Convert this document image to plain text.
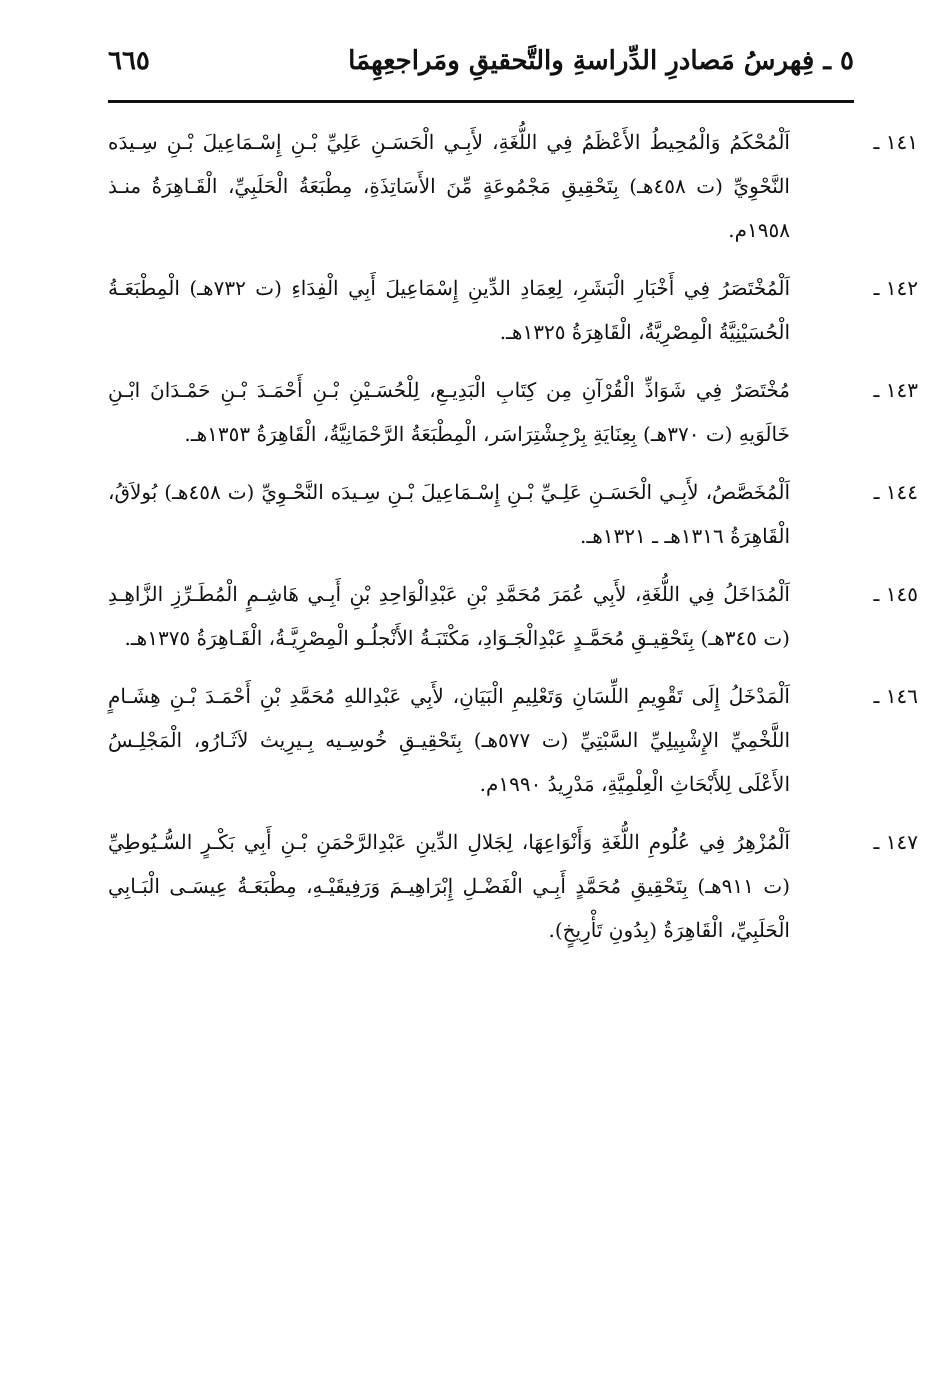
٥ ـ فِهرسُ مَصادرِ الدِّراسةِ والتَّحقيقِ ومَراجعِهِمَا
٦٦٥
١٤١ ـاَلْمُحْكَمُ وَالْمُحِيطُ الأَعْظَمُ فِي اللُّغَةِ، لأَبِـي الْحَسَـنِ عَلِيِّ بْـنِ إِسْـمَاعِيلَ بْـنِ سِـيدَه النَّحْوِيِّ (ت ٤٥٨هـ) بِتَحْقِيقِ مَجْمُوعَةٍ مِّنَ الأَسَاتِذَةِ، مِطْبَعَةُ الْحَلَبِيِّ، الْقَـاهِرَةُ منـذ ١٩٥٨م.
١٤٢ ـاَلْمُخْتَصَرُ فِي أَخْبَارِ الْبَشَرِ، لِعِمَادِ الدِّينِ إِسْمَاعِيلَ أَبِي الْفِدَاءِ (ت ٧٣٢هـ) الْمِطْبَعَـةُ الْحُسَيْنِيَّةُ الْمِصْرِيَّةُ، الْقَاهِرَةُ ١٣٢٥هـ.
١٤٣ ـمُخْتَصَرٌ فِي شَوَاذِّ الْقُرْآنِ مِن كِتَابِ الْبَدِيـعِ، لِلْحُسَـيْنِ بْـنِ أَحْمَـدَ بْـنِ حَمْـدَانَ ابْـنِ خَالَوَيهِ (ت ٣٧٠هـ) بِعِنَايَةِ بِرْجِشْتِرَاسَر، الْمِطْبَعَةُ الرَّحْمَانِيَّةُ، الْقَاهِرَةُ ١٣٥٣هـ.
١٤٤ ـاَلْمُخَصَّصُ، لأَبِـي الْحَسَـنِ عَلِـيِّ بْـنِ إِسْـمَاعِيلَ بْـنِ سِـيدَه النَّحْـوِيِّ (ت ٤٥٨هـ) بُولاَقُ، الْقَاهِرَةُ ١٣١٦هـ ـ ١٣٢١هـ.
١٤٥ ـاَلْمُدَاخَلُ فِي اللُّغَةِ، لأَبِي عُمَرَ مُحَمَّدِ بْنِ عَبْدِالْوَاحِدِ بْنِ أَبِـي هَاشِـمٍ الْمُطَـرِّزِ الزَّاهِـدِ (ت ٣٤٥هـ) بِتَحْقِيـقِ مُحَمَّـدٍ عَبْدِالْجَـوَادِ، مَكْتَبَـةُ الأَنْجلُـو الْمِصْرِيَّـةُ، الْقَـاهِرَةُ ١٣٧٥هـ.
١٤٦ ـاَلْمَدْخَلُ إِلَى تَقْوِيمِ اللِّسَانِ وَتَعْلِيمِ الْبَيَانِ، لأَبِي عَبْدِاللهِ مُحَمَّدِ بْنِ أَحْمَـدَ بْـنِ هِشَـامٍ اللَّخْمِيِّ الإِشْبِيلِيِّ السَّبْتِيِّ (ت ٥٧٧هـ) بِتَحْقِيـقِ خُوسِـيه بِـيرِيث لاَثَـارُو، الْمَجْلِـسُ الأَعْلَى لِلأَبْحَاثِ الْعِلْمِيَّةِ، مَدْرِيدُ ١٩٩٠م.
١٤٧ ـاَلْمُزْهِرُ فِي عُلُومِ اللُّغَةِ وَأَنْوَاعِهَا، لِجَلالِ الدِّينِ عَبْدِالرَّحْمَنِ بْـنِ أَبِي بَكْـرٍ السُّـيُوطِيِّ (ت ٩١١هـ) بِتَحْقِيقِ مُحَمَّدٍ أَبِـي الْفَضْـلِ إِبْرَاهِيـمَ وَرَفِيقَيْـهِ، مِطْبَعَـةُ عِيسَـى الْبَـابِي الْحَلَبِيِّ، الْقَاهِرَةُ (بِدُونِ تَأْرِيخٍ).
